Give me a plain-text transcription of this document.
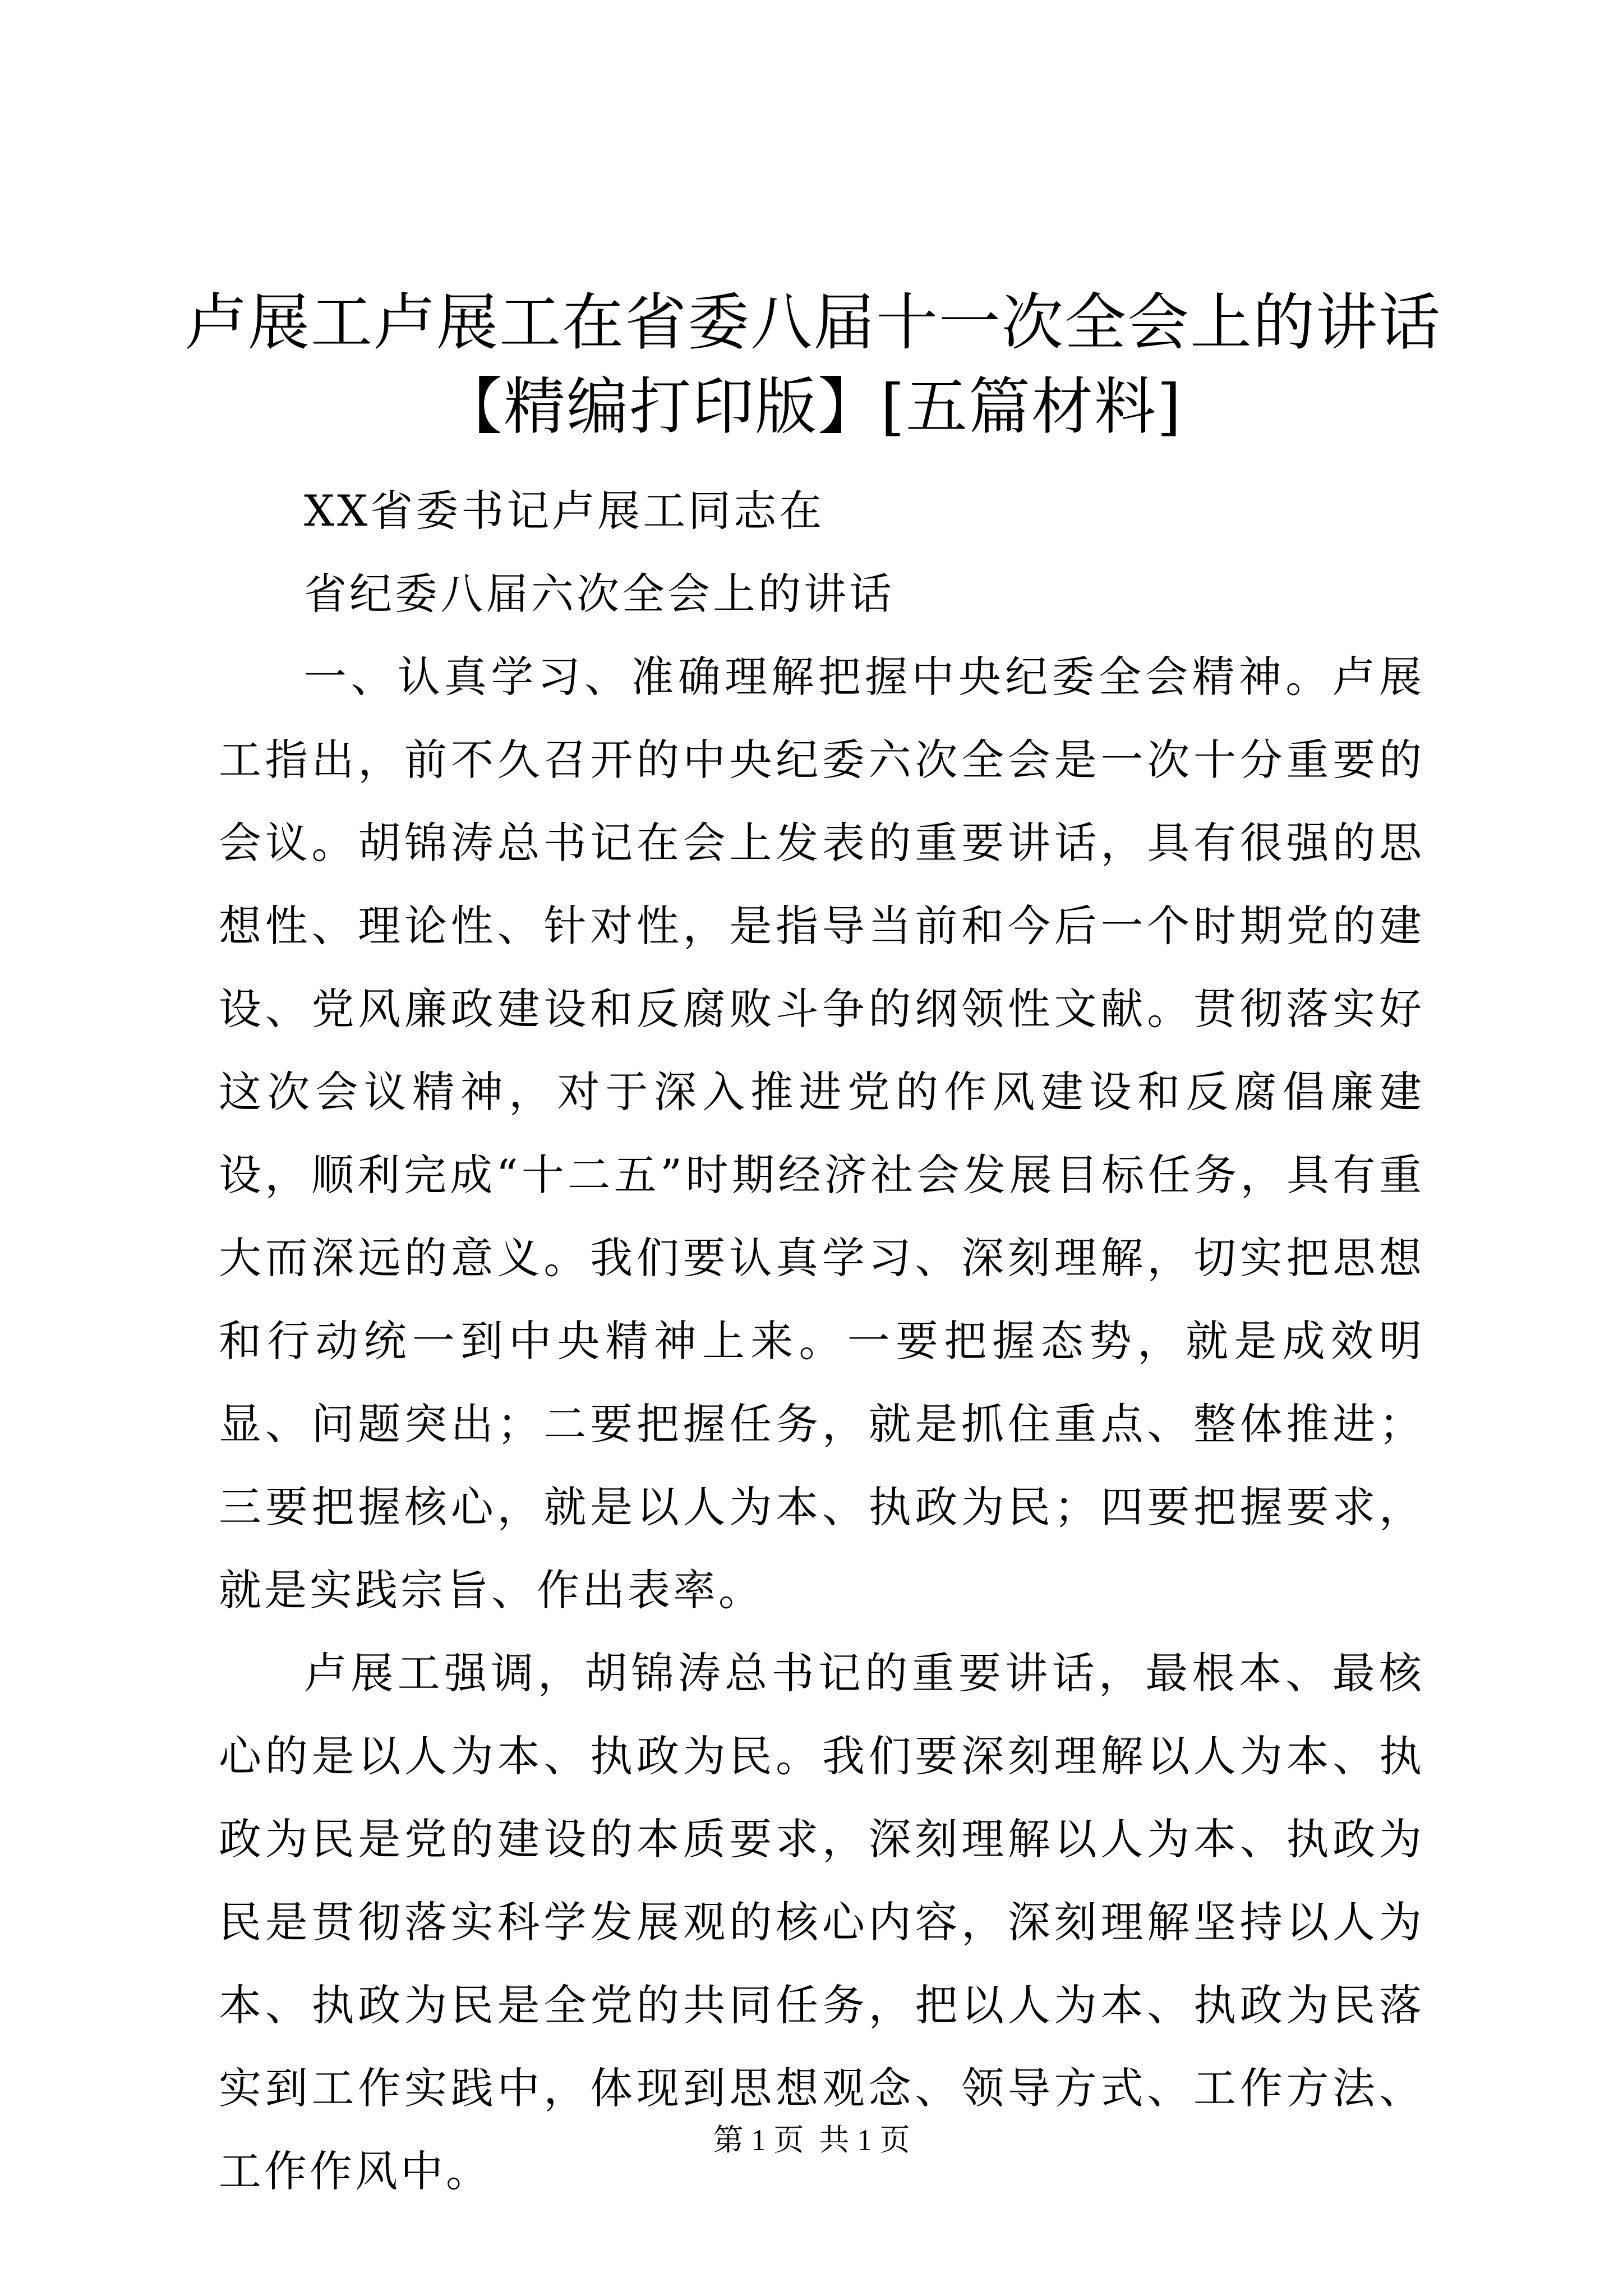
卢展工卢展工在省委八届十一次全会上的讲话
【精编打印版】[五篇材料]

XX省委书记卢展工同志在

省纪委八届六次全会上的讲话

一、认真学习、准确理解把握中央纪委全会精神。卢展工指出，前不久召开的中央纪委六次全会是一次十分重要的会议。胡锦涛总书记在会上发表的重要讲话，具有很强的思想性、理论性、针对性，是指导当前和今后一个时期党的建设、党风廉政建设和反腐败斗争的纲领性文献。贯彻落实好这次会议精神，对于深入推进党的作风建设和反腐倡廉建设，顺利完成“十二五”时期经济社会发展目标任务，具有重大而深远的意义。我们要认真学习、深刻理解，切实把思想和行动统一到中央精神上来。一要把握态势，就是成效明显、问题突出；二要把握任务，就是抓住重点、整体推进；三要把握核心，就是以人为本、执政为民；四要把握要求，就是实践宗旨、作出表率。

卢展工强调，胡锦涛总书记的重要讲话，最根本、最核心的是以人为本、执政为民。我们要深刻理解以人为本、执政为民是党的建设的本质要求，深刻理解以人为本、执政为民是贯彻落实科学发展观的核心内容，深刻理解坚持以人为本、执政为民是全党的共同任务，把以人为本、执政为民落实到工作实践中，体现到思想观念、领导方式、工作方法、工作作风中。

第 1 页  共 1 页
